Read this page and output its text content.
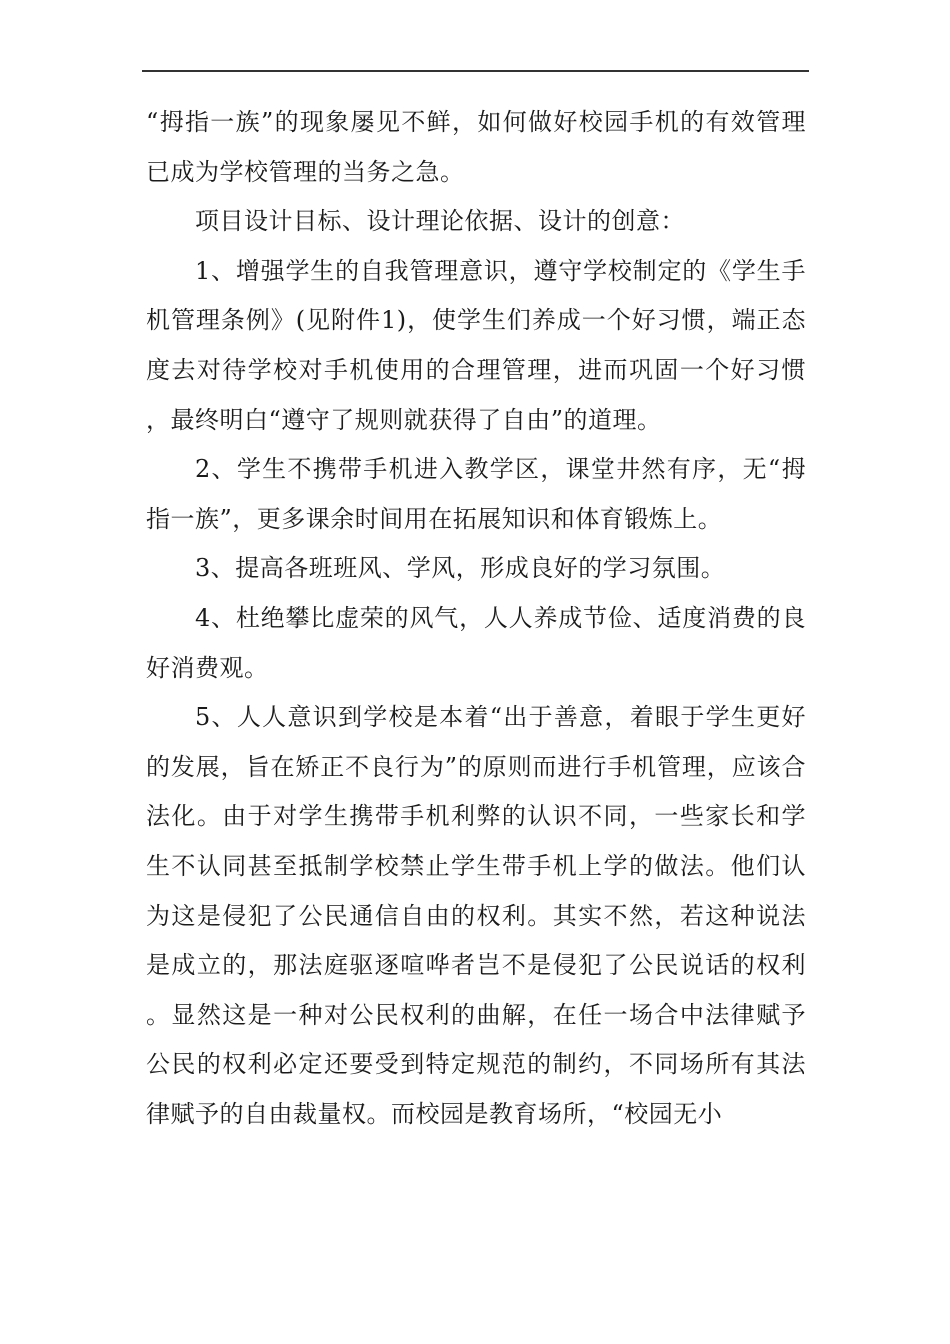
“拇指一族”的现象屡见不鲜，如何做好校园手机的有效管理已成为学校管理的当务之急。

项目设计目标、设计理论依据、设计的创意：

1、增强学生的自我管理意识，遵守学校制定的《学生手机管理条例》(见附件1)，使学生们养成一个好习惯，端正态度去对待学校对手机使用的合理管理，进而巩固一个好习惯，最终明白“遵守了规则就获得了自由”的道理。

2、学生不携带手机进入教学区，课堂井然有序，无“拇指一族”，更多课余时间用在拓展知识和体育锻炼上。

3、提高各班班风、学风，形成良好的学习氛围。

4、杜绝攀比虚荣的风气，人人养成节俭、适度消费的良好消费观。

5、人人意识到学校是本着“出于善意，着眼于学生更好的发展，旨在矫正不良行为”的原则而进行手机管理，应该合法化。由于对学生携带手机利弊的认识不同，一些家长和学生不认同甚至抵制学校禁止学生带手机上学的做法。他们认为这是侵犯了公民通信自由的权利。其实不然，若这种说法是成立的，那法庭驱逐喧哗者岂不是侵犯了公民说话的权利。显然这是一种对公民权利的曲解，在任一场合中法律赋予公民的权利必定还要受到特定规范的制约，不同场所有其法律赋予的自由裁量权。而校园是教育场所，“校园无小
